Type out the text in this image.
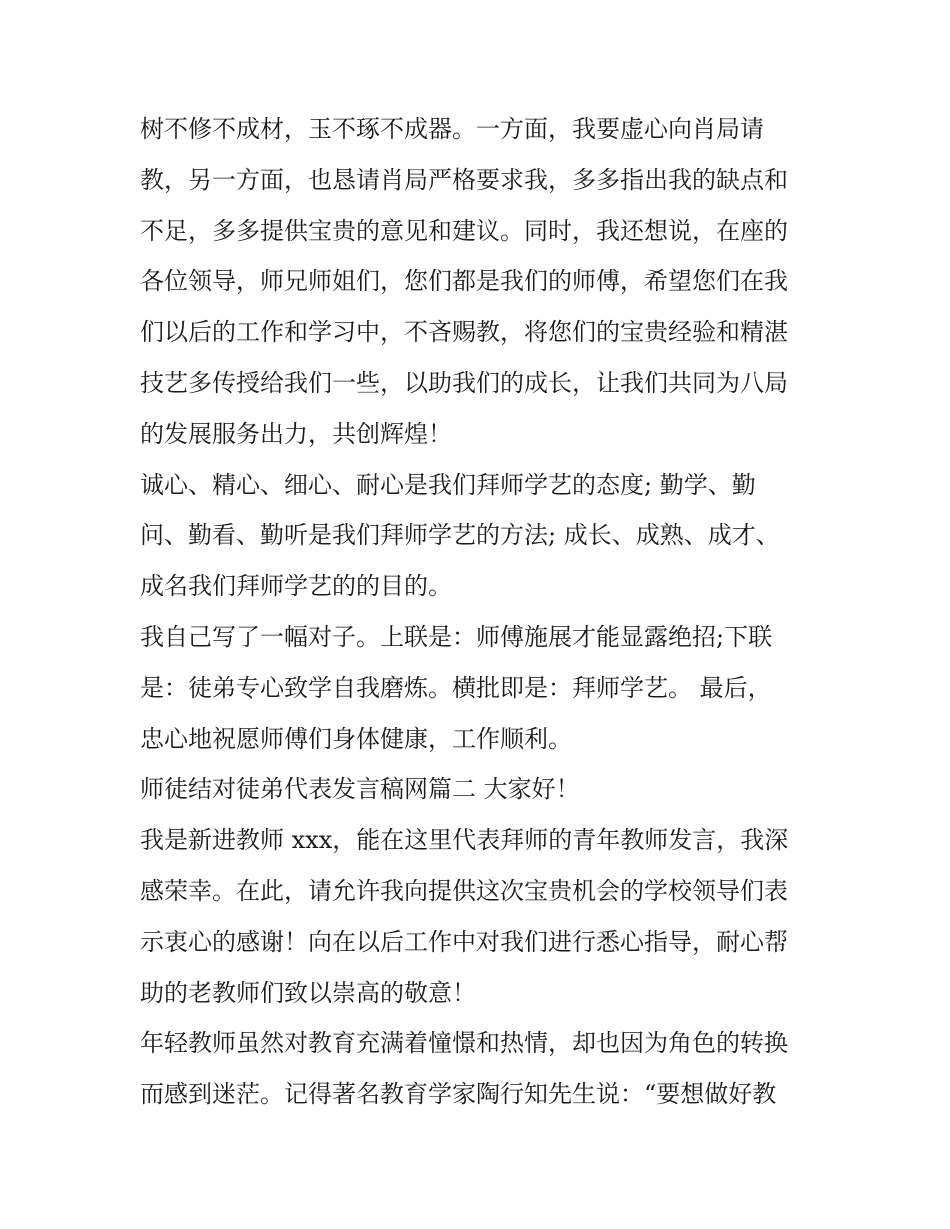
树不修不成材，玉不琢不成器。一方面，我要虚心向肖局请
教，另一方面，也恳请肖局严格要求我，多多指出我的缺点和
不足，多多提供宝贵的意见和建议。同时，我还想说，在座的
各位领导，师兄师姐们，您们都是我们的师傅，希望您们在我
们以后的工作和学习中，不吝赐教，将您们的宝贵经验和精湛
技艺多传授给我们一些，以助我们的成长，让我们共同为八局
的发展服务出力，共创辉煌！
诚心、精心、细心、耐心是我们拜师学艺的态度; 勤学、勤
问、勤看、勤听是我们拜师学艺的方法; 成长、成熟、成才、
成名我们拜师学艺的的目的。
我自己写了一幅对子。上联是：师傅施展才能显露绝招;下联
是：徒弟专心致学自我磨炼。横批即是：拜师学艺。 最后，
忠心地祝愿师傅们身体健康，工作顺利。
师徒结对徒弟代表发言稿网篇二 大家好！
我是新进教师 xxx，能在这里代表拜师的青年教师发言，我深
感荣幸。在此，请允许我向提供这次宝贵机会的学校领导们表
示衷心的感谢！向在以后工作中对我们进行悉心指导，耐心帮
助的老教师们致以崇高的敬意！
年轻教师虽然对教育充满着憧憬和热情，却也因为角色的转换
而感到迷茫。记得著名教育学家陶行知先生说：“要想做好教
